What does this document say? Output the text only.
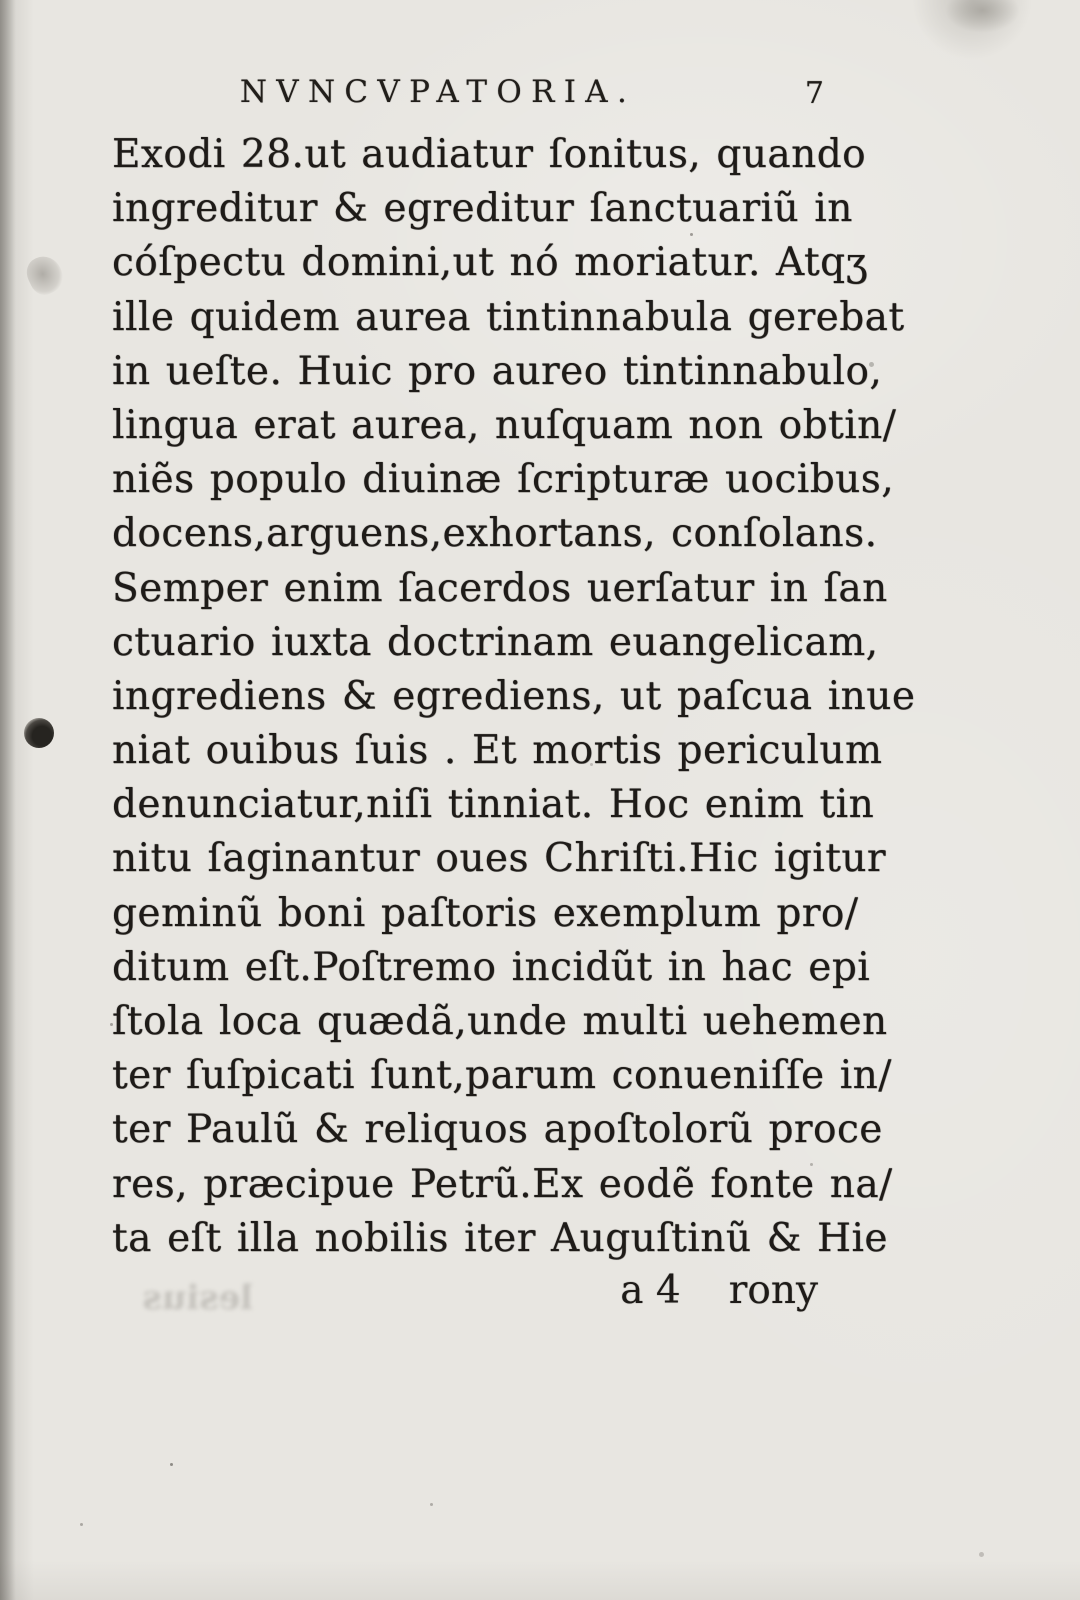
lesius
NVNCVPATORIA.	7
Exodi 28.ut audiatur ſonitus, quando
ingreditur & egreditur ſanctuariũ in
cóſpectu domini,ut nó moriatur. Atqʒ
ille quidem aurea tintinnabula gerebat
in ueſte. Huic pro aureo tintinnabulo,
lingua erat aurea, nuſquam non obtin/
niẽs populo diuinæ ſcripturæ uocibus,
docens,arguens,exhortans, conſolans.
Semper enim ſacerdos uerſatur in ſan
ctuario iuxta doctrinam euangelicam,
ingrediens & egrediens, ut paſcua inue
niat ouibus ſuis . Et mortis periculum
denunciatur,niſi tinniat. Hoc enim tin
nitu ſaginantur oues Chriſti.Hic igitur
geminũ boni paſtoris exemplum pro/
ditum eſt.Poſtremo incidũt in hac epi
ſtola loca quædã,unde multi uehemen
ter ſuſpicati ſunt,parum conueniſſe in/
ter Paulũ & reliquos apoſtolorũ proce
res, præcipue Petrũ.Ex eodẽ fonte na/
ta eſt illa nobilis iter Auguſtinũ & Hie
a 4 rony
